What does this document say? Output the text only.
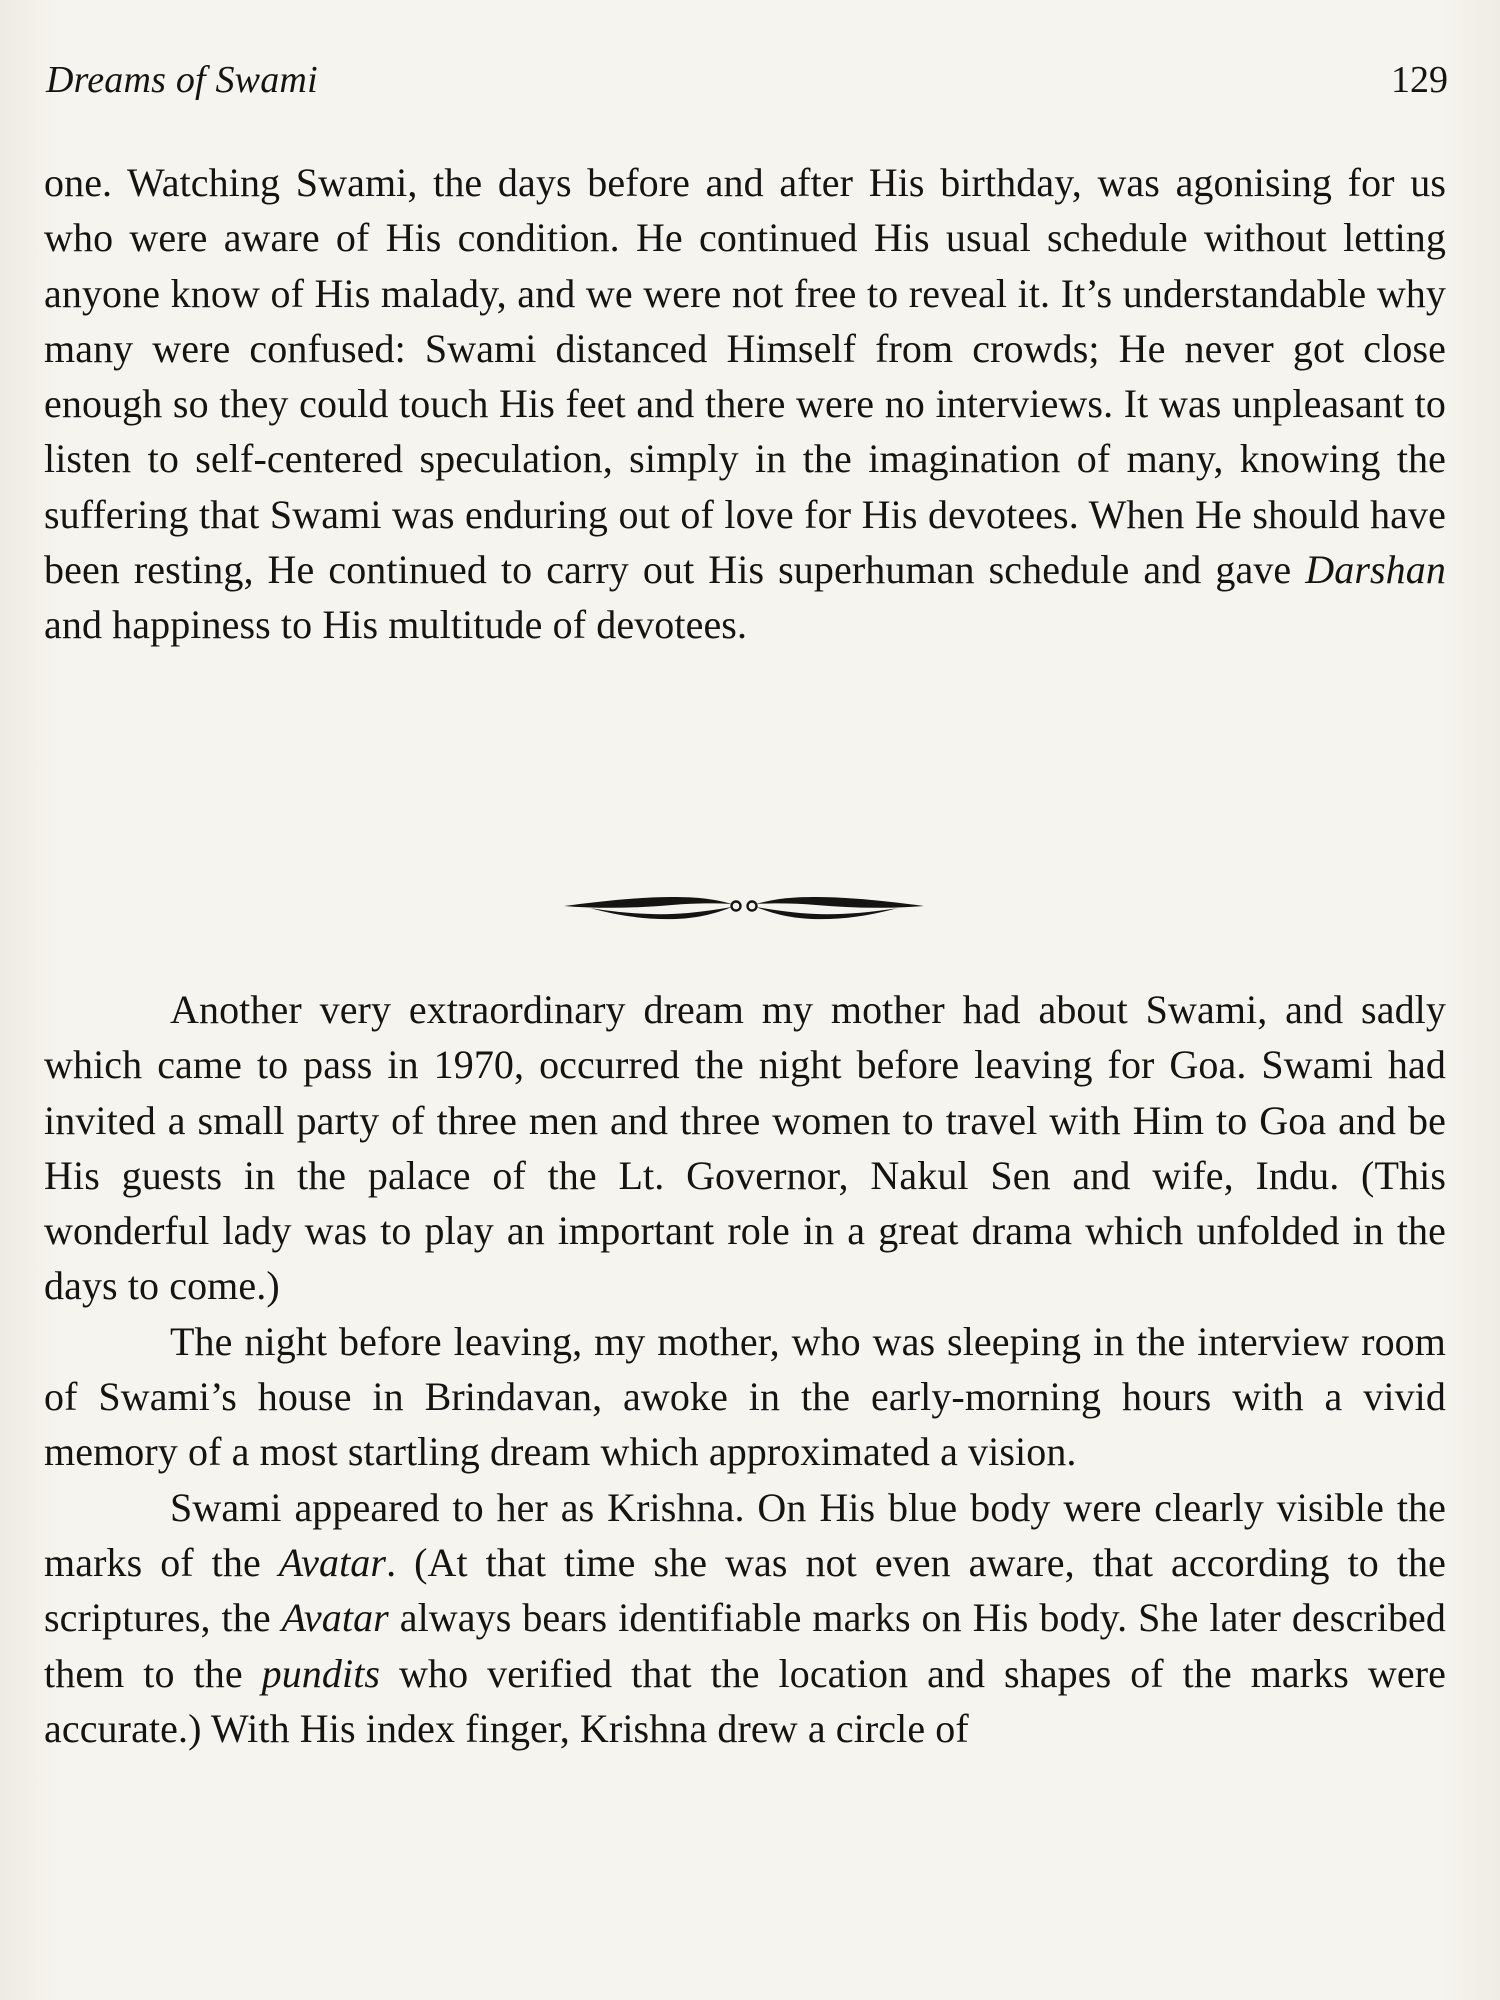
Dreams of Swami	129

one. Watching Swami, the days before and after His birthday, was agonising for us who were aware of His condition. He continued His usual schedule without letting anyone know of His malady, and we were not free to reveal it. It’s understandable why many were confused: Swami distanced Himself from crowds; He never got close enough so they could touch His feet and there were no interviews. It was unpleasant to listen to self-centered speculation, simply in the imagination of many, knowing the suffering that Swami was enduring out of love for His devotees. When He should have been resting, He continued to carry out His superhuman schedule and gave Darshan and happiness to His multitude of devotees.

Another very extraordinary dream my mother had about Swami, and sadly which came to pass in 1970, occurred the night before leaving for Goa. Swami had invited a small party of three men and three women to travel with Him to Goa and be His guests in the palace of the Lt. Governor, Nakul Sen and wife, Indu. (This wonderful lady was to play an important role in a great drama which unfolded in the days to come.)

The night before leaving, my mother, who was sleeping in the interview room of Swami’s house in Brindavan, awoke in the early-morning hours with a vivid memory of a most startling dream which approximated a vision.

Swami appeared to her as Krishna. On His blue body were clearly visible the marks of the Avatar. (At that time she was not even aware, that according to the scriptures, the Avatar always bears identifiable marks on His body. She later described them to the pundits who verified that the location and shapes of the marks were accurate.) With His index finger, Krishna drew a circle of
